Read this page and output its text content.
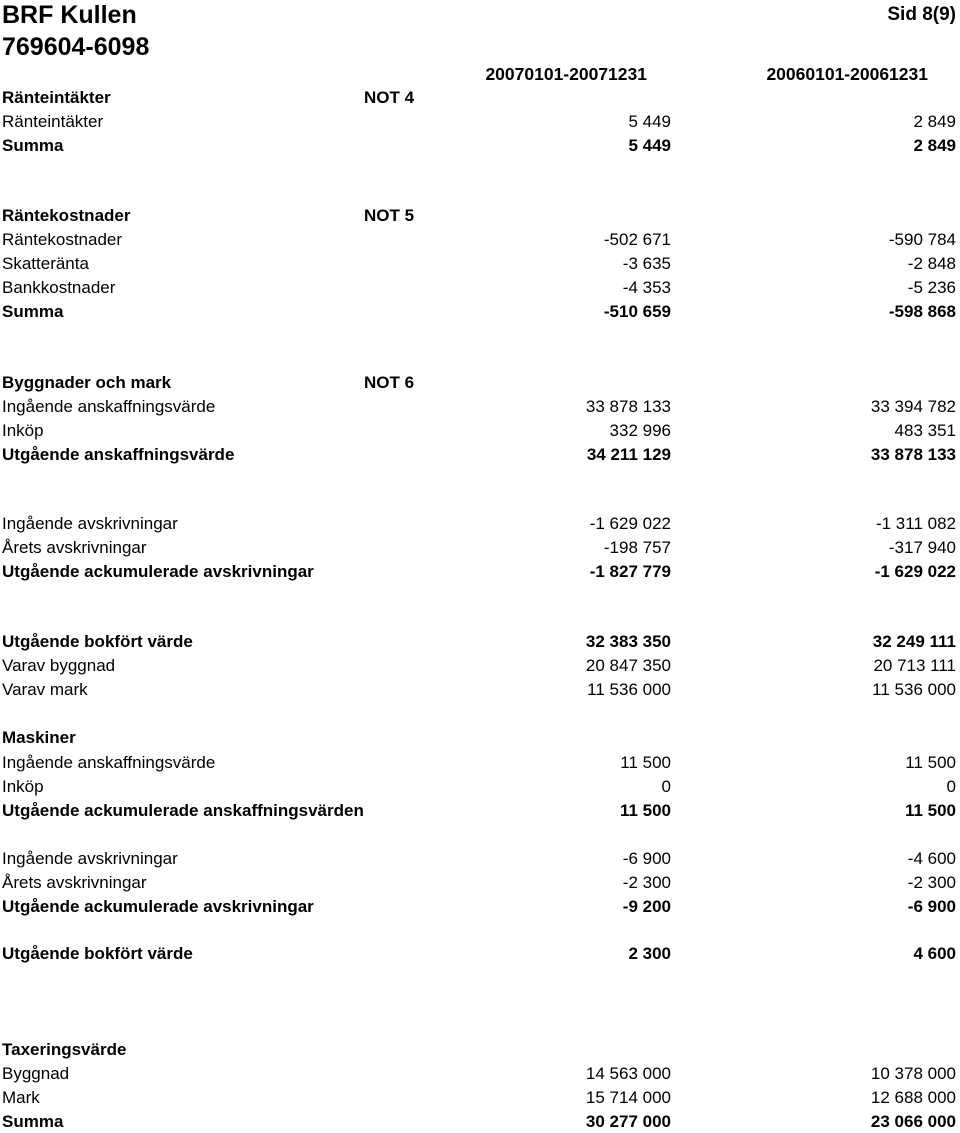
BRF Kullen
769604-6098
Sid 8(9)
20070101-20071231	20060101-20061231
Ränteintäkter	NOT 4
Ränteintäkter	5 449	2 849
Summa	5 449	2 849
Räntekostnader	NOT 5
Räntekostnader	-502 671	-590 784
Skatteränta	-3 635	-2 848
Bankkostnader	-4 353	-5 236
Summa	-510 659	-598 868
Byggnader och mark	NOT 6
Ingående anskaffningsvärde	33 878 133	33 394 782
Inköp	332 996	483 351
Utgående anskaffningsvärde	34 211 129	33 878 133
Ingående avskrivningar	-1 629 022	-1 311 082
Årets avskrivningar	-198 757	-317 940
Utgående ackumulerade avskrivningar	-1 827 779	-1 629 022
Utgående bokfört värde	32 383 350	32 249 111
Varav byggnad	20 847 350	20 713 111
Varav mark	11 536 000	11 536 000
Maskiner
Ingående anskaffningsvärde	11 500	11 500
Inköp	0	0
Utgående ackumulerade anskaffningsvärden	11 500	11 500
Ingående avskrivningar	-6 900	-4 600
Årets avskrivningar	-2 300	-2 300
Utgående ackumulerade avskrivningar	-9 200	-6 900
Utgående bokfört värde	2 300	4 600
Taxeringsvärde
Byggnad	14 563 000	10 378 000
Mark	15 714 000	12 688 000
Summa	30 277 000	23 066 000
